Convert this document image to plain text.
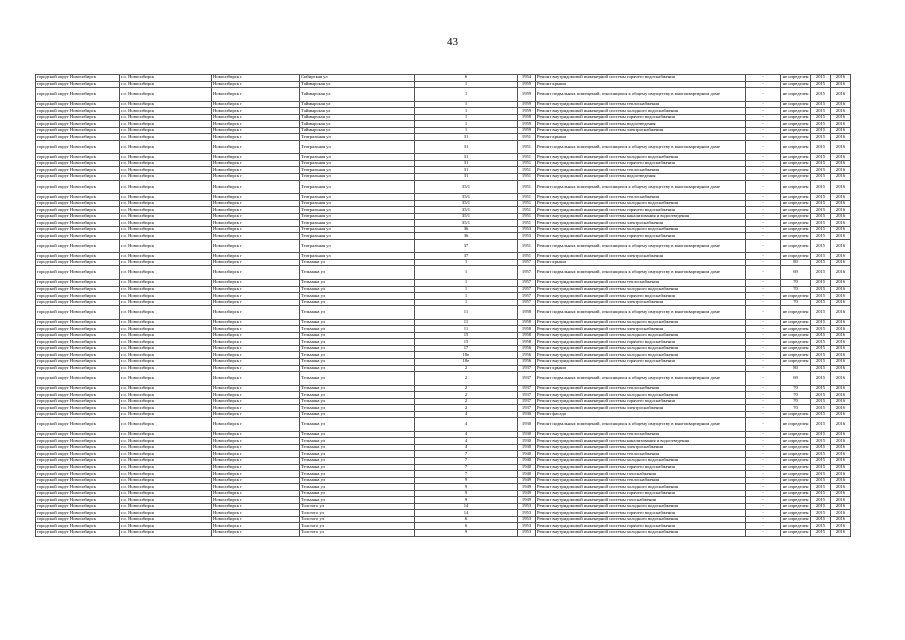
43
городской округ Новосибирск	г.о. Новосибирск	Новосибирск г	Сибирская ул	6	1954	Ремонт внутридомовой инженерной системы горячего водоснабжения	-	не определен	2015	2016
городской округ Новосибирск	г.о. Новосибирск	Новосибирск г	Таймырская ул	1	1959	Ремонт крыши	-	не определен	2015	2016
городской округ Новосибирск	г.о. Новосибирск	Новосибирск г	Таймырская ул	1	1959	Ремонт подвальных помещений, относящихся к общему имуществу в многоквартирном доме	-	не определен	2015	2016
городской округ Новосибирск	г.о. Новосибирск	Новосибирск г	Таймырская ул	1	1959	Ремонт внутридомовой инженерной системы теплоснабжения	-	не определен	2015	2016
городской округ Новосибирск	г.о. Новосибирск	Новосибирск г	Таймырская ул	1	1959	Ремонт внутридомовой инженерной системы холодного водоснабжения	-	не определен	2015	2016
городской округ Новосибирск	г.о. Новосибирск	Новосибирск г	Таймырская ул	1	1959	Ремонт внутридомовой инженерной системы горячего водоснабжения	-	не определен	2015	2016
городской округ Новосибирск	г.о. Новосибирск	Новосибирск г	Таймырская ул	1	1959	Ремонт внутридомовой инженерной системы водоотведения	-	не определен	2015	2016
городской округ Новосибирск	г.о. Новосибирск	Новосибирск г	Таймырская ул	1	1959	Ремонт внутридомовой инженерной системы электроснабжения	-	не определен	2015	2016
городской округ Новосибирск	г.о. Новосибирск	Новосибирск г	Театральная ул	31	1951	Ремонт крыши	-	не определен	2015	2016
городской округ Новосибирск	г.о. Новосибирск	Новосибирск г	Театральная ул	31	1951	Ремонт подвальных помещений, относящихся к общему имуществу в многоквартирном доме	-	не определен	2015	2016
городской округ Новосибирск	г.о. Новосибирск	Новосибирск г	Театральная ул	31	1951	Ремонт внутридомовой инженерной системы холодного водоснабжения	-	не определен	2015	2016
городской округ Новосибирск	г.о. Новосибирск	Новосибирск г	Театральная ул	31	1951	Ремонт внутридомовой инженерной системы горячего водоснабжения	-	не определен	2015	2016
городской округ Новосибирск	г.о. Новосибирск	Новосибирск г	Театральная ул	31	1951	Ремонт внутридомовой инженерной системы теплоснабжения	-	не определен	2015	2016
городской округ Новосибирск	г.о. Новосибирск	Новосибирск г	Театральная ул	31	1951	Ремонт внутридомовой инженерной системы водоотведения	-	не определен	2015	2016
городской округ Новосибирск	г.о. Новосибирск	Новосибирск г	Театральная ул	35/1	1951	Ремонт подвальных помещений, относящихся к общему имуществу в многоквартирном доме	-	не определен	2015	2016
городской округ Новосибирск	г.о. Новосибирск	Новосибирск г	Театральная ул	35/1	1951	Ремонт внутридомовой инженерной системы теплоснабжения	-	не определен	2015	2016
городской округ Новосибирск	г.о. Новосибирск	Новосибирск г	Театральная ул	35/1	1951	Ремонт внутридомовой инженерной системы холодного водоснабжения	-	не определен	2015	2016
городской округ Новосибирск	г.о. Новосибирск	Новосибирск г	Театральная ул	35/1	1951	Ремонт внутридомовой инженерной системы горячего водоснабжения	-	не определен	2015	2016
городской округ Новосибирск	г.о. Новосибирск	Новосибирск г	Театральная ул	35/1	1951	Ремонт внутридомовой инженерной системы канализования и водоотведения	-	не определен	2015	2016
городской округ Новосибирск	г.о. Новосибирск	Новосибирск г	Театральная ул	35/1	1951	Ремонт внутридомовой инженерной системы электроснабжения	-	не определен	2015	2016
городской округ Новосибирск	г.о. Новосибирск	Новосибирск г	Театральная ул	36	1953	Ремонт внутридомовой инженерной системы холодного водоснабжения	-	не определен	2015	2016
городской округ Новосибирск	г.о. Новосибирск	Новосибирск г	Театральная ул	36	1953	Ремонт внутридомовой инженерной системы горячего водоснабжения	-	не определен	2015	2016
городской округ Новосибирск	г.о. Новосибирск	Новосибирск г	Театральная ул	37	1951	Ремонт подвальных помещений, относящихся к общему имуществу в многоквартирном доме	-	не определен	2015	2016
городской округ Новосибирск	г.о. Новосибирск	Новосибирск г	Театральная ул	37	1951	Ремонт внутридомовой инженерной системы электроснабжения	-	не определен	2015	2016
городской округ Новосибирск	г.о. Новосибирск	Новосибирск г	Тельмана ул	1	1957	Ремонт крыши	-	80	2015	2016
городской округ Новосибирск	г.о. Новосибирск	Новосибирск г	Тельмана ул	1	1957	Ремонт подвальных помещений, относящихся к общему имуществу в многоквартирном доме	-	69	2015	2016
городской округ Новосибирск	г.о. Новосибирск	Новосибирск г	Тельмана ул	1	1957	Ремонт внутридомовой инженерной системы теплоснабжения	-	70	2015	2016
городской округ Новосибирск	г.о. Новосибирск	Новосибирск г	Тельмана ул	1	1957	Ремонт внутридомовой инженерной системы холодного водоснабжения	-	70	2015	2016
городской округ Новосибирск	г.о. Новосибирск	Новосибирск г	Тельмана ул	1	1957	Ремонт внутридомовой инженерной системы горячего водоснабжения	-	не определен	2015	2016
городской округ Новосибирск	г.о. Новосибирск	Новосибирск г	Тельмана ул	1	1957	Ремонт внутридомовой инженерной системы электроснабжения	-	70	2015	2016
городской округ Новосибирск	г.о. Новосибирск	Новосибирск г	Тельмана ул	11	1958	Ремонт подвальных помещений, относящихся к общему имуществу в многоквартирном доме	-	не определен	2015	2016
городской округ Новосибирск	г.о. Новосибирск	Новосибирск г	Тельмана ул	11	1958	Ремонт внутридомовой инженерной системы холодного водоснабжения	-	не определен	2015	2016
городской округ Новосибирск	г.о. Новосибирск	Новосибирск г	Тельмана ул	11	1958	Ремонт внутридомовой инженерной системы электроснабжения	-	не определен	2015	2016
городской округ Новосибирск	г.о. Новосибирск	Новосибирск г	Тельмана ул	15	1958	Ремонт внутридомовой инженерной системы холодного водоснабжения	-	не определен	2015	2016
городской округ Новосибирск	г.о. Новосибирск	Новосибирск г	Тельмана ул	15	1958	Ремонт внутридомовой инженерной системы горячего водоснабжения	-	не определен	2015	2016
городской округ Новосибирск	г.о. Новосибирск	Новосибирск г	Тельмана ул	17	1956	Ремонт внутридомовой инженерной системы холодного водоснабжения	-	не определен	2015	2016
городской округ Новосибирск	г.о. Новосибирск	Новосибирск г	Тельмана ул	18е	1956	Ремонт внутридомовой инженерной системы холодного водоснабжения	-	не определен	2015	2016
городской округ Новосибирск	г.о. Новосибирск	Новосибирск г	Тельмана ул	18е	1956	Ремонт внутридомовой инженерной системы горячего водоснабжения	-	не определен	2015	2016
городской округ Новосибирск	г.о. Новосибирск	Новосибирск г	Тельмана ул	2	1937	Ремонт крыши	-	80	2015	2016
городской округ Новосибирск	г.о. Новосибирск	Новосибирск г	Тельмана ул	2	1937	Ремонт подвальных помещений, относящихся к общему имуществу в многоквартирном доме	-	69	2015	2016
городской округ Новосибирск	г.о. Новосибирск	Новосибирск г	Тельмана ул	2	1937	Ремонт внутридомовой инженерной системы теплоснабжения	-	70	2015	2016
городской округ Новосибирск	г.о. Новосибирск	Новосибирск г	Тельмана ул	2	1937	Ремонт внутридомовой инженерной системы холодного водоснабжения	-	70	2015	2016
городской округ Новосибирск	г.о. Новосибирск	Новосибирск г	Тельмана ул	2	1937	Ремонт внутридомовой инженерной системы горячего водоснабжения	-	70	2015	2016
городской округ Новосибирск	г.о. Новосибирск	Новосибирск г	Тельмана ул	2	1937	Ремонт внутридомовой инженерной системы электроснабжения	-	70	2015	2016
городской округ Новосибирск	г.о. Новосибирск	Новосибирск г	Тельмана ул	4	1930	Ремонт фасада	-	не определен	2015	2016
городской округ Новосибирск	г.о. Новосибирск	Новосибирск г	Тельмана ул	4	1930	Ремонт подвальных помещений, относящихся к общему имуществу в многоквартирном доме	-	не определен	2015	2016
городской округ Новосибирск	г.о. Новосибирск	Новосибирск г	Тельмана ул	4	1930	Ремонт внутридомовой инженерной системы теплоснабжения	-	не определен	2015	2016
городской округ Новосибирск	г.о. Новосибирск	Новосибирск г	Тельмана ул	4	1930	Ремонт внутридомовой инженерной системы канализования и водоотведения	-	не определен	2015	2016
городской округ Новосибирск	г.о. Новосибирск	Новосибирск г	Тельмана ул	4	1930	Ремонт внутридомовой инженерной системы электроснабжения	-	не определен	2015	2016
городской округ Новосибирск	г.о. Новосибирск	Новосибирск г	Тельмана ул	7	1940	Ремонт внутридомовой инженерной системы теплоснабжения	-	не определен	2015	2016
городской округ Новосибирск	г.о. Новосибирск	Новосибирск г	Тельмана ул	7	1940	Ремонт внутридомовой инженерной системы холодного водоснабжения	-	не определен	2015	2016
городской округ Новосибирск	г.о. Новосибирск	Новосибирск г	Тельмана ул	7	1940	Ремонт внутридомовой инженерной системы горячего водоснабжения	-	не определен	2015	2016
городской округ Новосибирск	г.о. Новосибирск	Новосибирск г	Тельмана ул	7	1940	Ремонт внутридомовой инженерной системы газоснабжения	-	не определен	2015	2016
городской округ Новосибирск	г.о. Новосибирск	Новосибирск г	Тельмана ул	9	1949	Ремонт внутридомовой инженерной системы теплоснабжения	-	не определен	2015	2016
городской округ Новосибирск	г.о. Новосибирск	Новосибирск г	Тельмана ул	9	1949	Ремонт внутридомовой инженерной системы холодного водоснабжения	-	не определен	2015	2016
городской округ Новосибирск	г.о. Новосибирск	Новосибирск г	Тельмана ул	9	1949	Ремонт внутридомовой инженерной системы горячего водоснабжения	-	не определен	2015	2016
городской округ Новосибирск	г.о. Новосибирск	Новосибирск г	Тельмана ул	9	1949	Ремонт внутридомовой инженерной системы газоснабжения	-	не определен	2015	2016
городской округ Новосибирск	г.о. Новосибирск	Новосибирск г	Толстого ул	14	1953	Ремонт внутридомовой инженерной системы холодного водоснабжения	-	не определен	2015	2016
городской округ Новосибирск	г.о. Новосибирск	Новосибирск г	Толстого ул	14	1953	Ремонт внутридомовой инженерной системы горячего водоснабжения	-	не определен	2015	2016
городской округ Новосибирск	г.о. Новосибирск	Новосибирск г	Толстого ул	6	1953	Ремонт внутридомовой инженерной системы холодного водоснабжения	-	не определен	2015	2016
городской округ Новосибирск	г.о. Новосибирск	Новосибирск г	Толстого ул	6	1953	Ремонт внутридомовой инженерной системы горячего водоснабжения	-	не определен	2015	2016
городской округ Новосибирск	г.о. Новосибирск	Новосибирск г	Толстого ул	9	1953	Ремонт внутридомовой инженерной системы холодного водоснабжения	-	не определен	2015	2016
